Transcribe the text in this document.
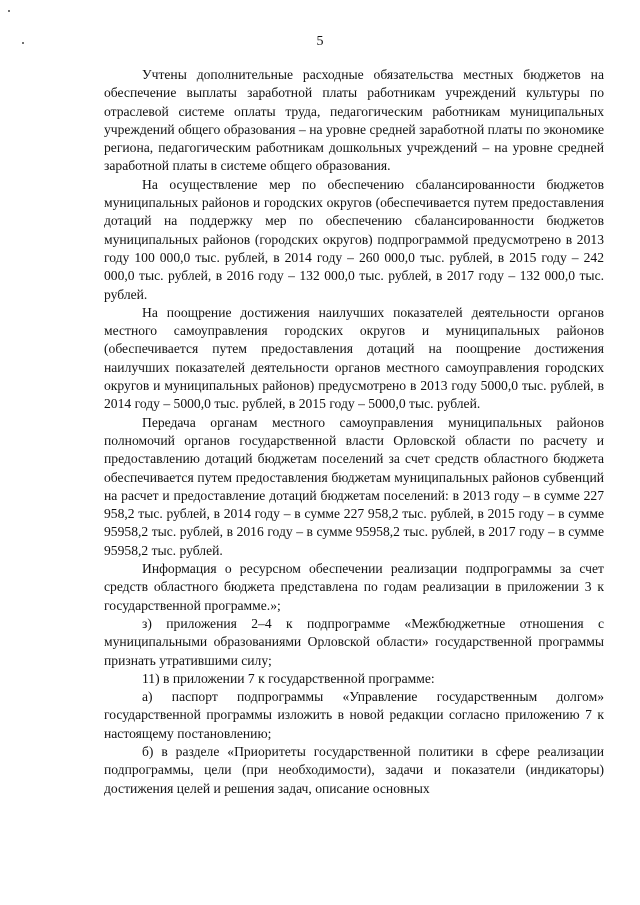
5

Учтены дополнительные расходные обязательства местных бюджетов на обеспечение выплаты заработной платы работникам учреждений культуры по отраслевой системе оплаты труда, педагогическим работникам муниципальных учреждений общего образования – на уровне средней заработной платы по экономике региона, педагогическим работникам дошкольных учреждений – на уровне средней заработной платы в системе общего образования.

На осуществление мер по обеспечению сбалансированности бюджетов муниципальных районов и городских округов (обеспечивается путем предоставления дотаций на поддержку мер по обеспечению сбалансированности бюджетов муниципальных районов (городских округов) подпрограммой предусмотрено в 2013 году 100 000,0 тыс. рублей, в 2014 году – 260 000,0 тыс. рублей, в 2015 году – 242 000,0 тыс. рублей, в 2016 году – 132 000,0 тыс. рублей, в 2017 году – 132 000,0 тыс. рублей.

На поощрение достижения наилучших показателей деятельности органов местного самоуправления городских округов и муниципальных районов (обеспечивается путем предоставления дотаций на поощрение достижения наилучших показателей деятельности органов местного самоуправления городских округов и муниципальных районов) предусмотрено в 2013 году 5000,0 тыс. рублей, в 2014 году – 5000,0 тыс. рублей, в 2015 году – 5000,0 тыс. рублей.

Передача органам местного самоуправления муниципальных районов полномочий органов государственной власти Орловской области по расчету и предоставлению дотаций бюджетам поселений за счет средств областного бюджета обеспечивается путем предоставления бюджетам муниципальных районов субвенций на расчет и предоставление дотаций бюджетам поселений: в 2013 году – в сумме 227 958,2 тыс. рублей, в 2014 году – в сумме 227 958,2 тыс. рублей, в 2015 году – в сумме 95958,2 тыс. рублей, в 2016 году – в сумме 95958,2 тыс. рублей, в 2017 году – в сумме 95958,2 тыс. рублей.

Информация о ресурсном обеспечении реализации подпрограммы за счет средств областного бюджета представлена по годам реализации в приложении 3 к государственной программе.»;

з) приложения 2–4 к подпрограмме «Межбюджетные отношения с муниципальными образованиями Орловской области» государственной программы признать утратившими силу;

11) в приложении 7 к государственной программе:

а) паспорт подпрограммы «Управление государственным долгом» государственной программы изложить в новой редакции согласно приложению 7 к настоящему постановлению;

б) в разделе «Приоритеты государственной политики в сфере реализации подпрограммы, цели (при необходимости), задачи и показатели (индикаторы) достижения целей и решения задач, описание основных
